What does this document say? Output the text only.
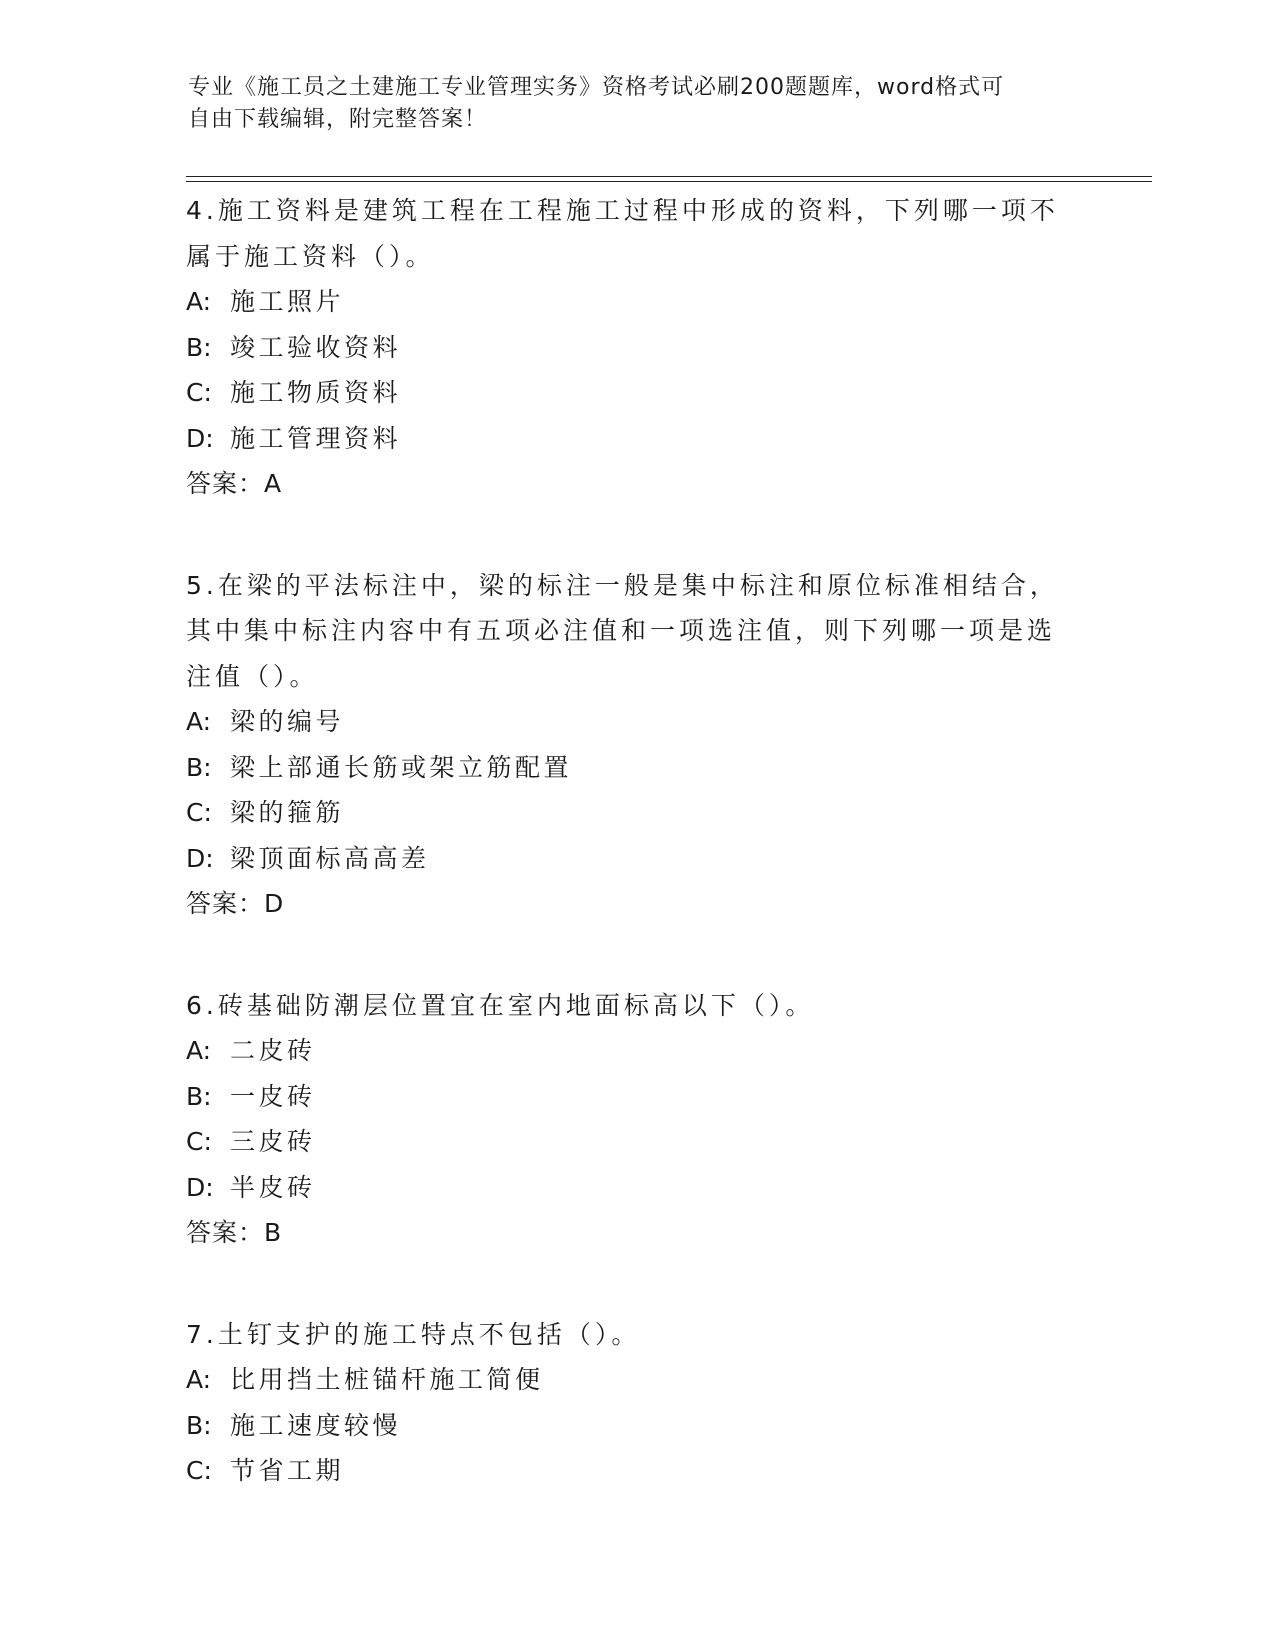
专业《施工员之土建施工专业管理实务》资格考试必刷200题题库，word格式可
自由下载编辑，附完整答案！
4.施工资料是建筑工程在工程施工过程中形成的资料，下列哪一项不
属于施工资料（）。
A: 施工照片
B: 竣工验收资料
C: 施工物质资料
D: 施工管理资料
答案：A
5.在梁的平法标注中，梁的标注一般是集中标注和原位标准相结合，
其中集中标注内容中有五项必注值和一项选注值，则下列哪一项是选
注值（）。
A: 梁的编号
B: 梁上部通长筋或架立筋配置
C: 梁的箍筋
D: 梁顶面标高高差
答案：D
6.砖基础防潮层位置宜在室内地面标高以下（）。
A: 二皮砖
B: 一皮砖
C: 三皮砖
D: 半皮砖
答案：B
7.土钉支护的施工特点不包括（）。
A: 比用挡土桩锚杆施工简便
B: 施工速度较慢
C: 节省工期
